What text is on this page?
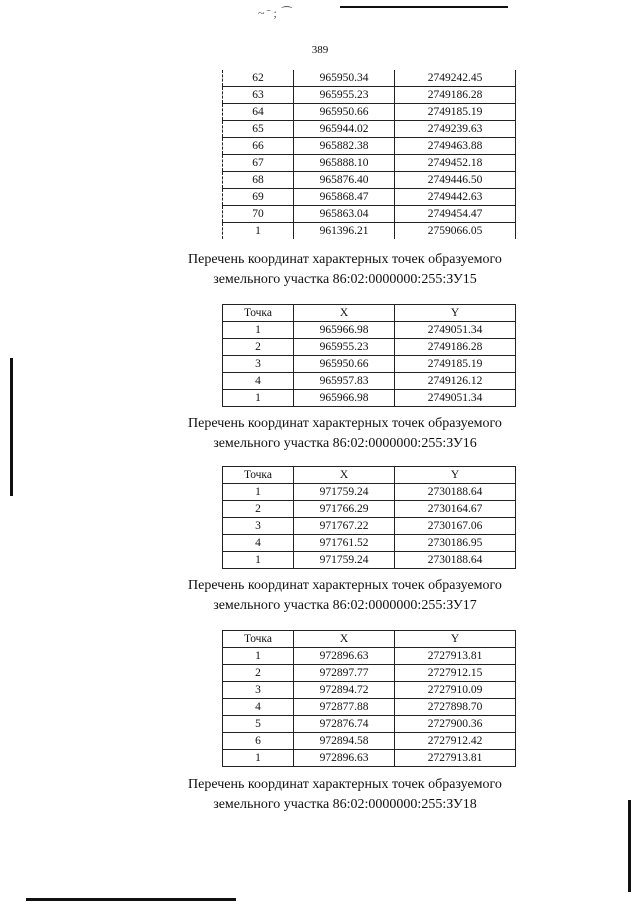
~ ̄ ; ⁀
389
62	965950.34	2749242.45
63	965955.23	2749186.28
64	965950.66	2749185.19
65	965944.02	2749239.63
66	965882.38	2749463.88
67	965888.10	2749452.18
68	965876.40	2749446.50
69	965868.47	2749442.63
70	965863.04	2749454.47
1	961396.21	2759066.05
Перечень координат характерных точек образуемого
земельного участка 86:02:0000000:255:ЗУ15
Точка	X	Y
1	965966.98	2749051.34
2	965955.23	2749186.28
3	965950.66	2749185.19
4	965957.83	2749126.12
1	965966.98	2749051.34
Перечень координат характерных точек образуемого
земельного участка 86:02:0000000:255:ЗУ16
Точка	X	Y
1	971759.24	2730188.64
2	971766.29	2730164.67
3	971767.22	2730167.06
4	971761.52	2730186.95
1	971759.24	2730188.64
Перечень координат характерных точек образуемого
земельного участка 86:02:0000000:255:ЗУ17
Точка	X	Y
1	972896.63	2727913.81
2	972897.77	2727912.15
3	972894.72	2727910.09
4	972877.88	2727898.70
5	972876.74	2727900.36
6	972894.58	2727912.42
1	972896.63	2727913.81
Перечень координат характерных точек образуемого
земельного участка 86:02:0000000:255:ЗУ18
